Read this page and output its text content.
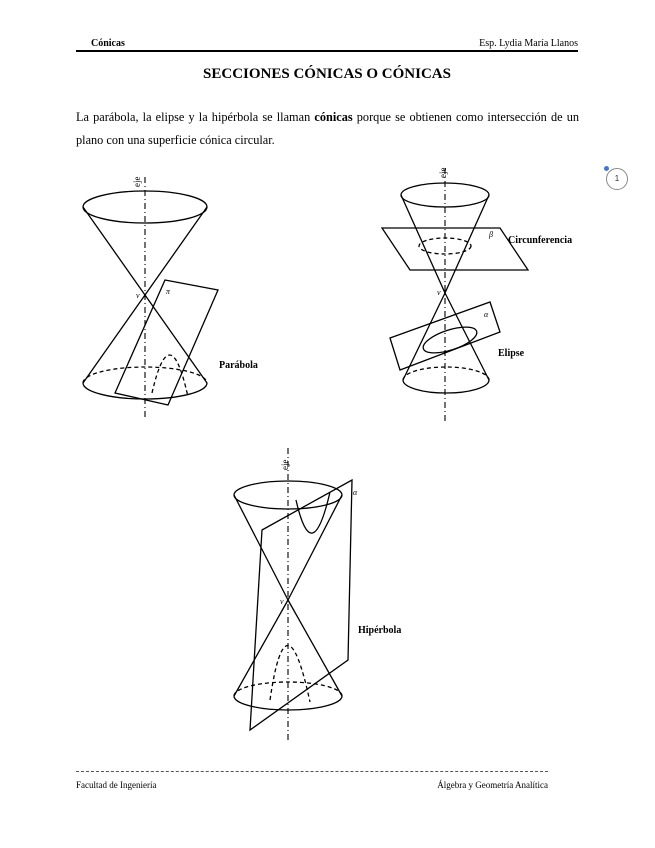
Cónicas	Esp. Lydia María Llanos
1
SECCIONES CÓNICAS O CÓNICAS
La parábola, la elipse y la hipérbola se llaman cónicas porque se obtienen como intersección de un plano con una superficie cónica circular.
eje
v	π
Parábola
eje
v
β
α
Circunferencia
Elipse
eje
v
α
Hipérbola
Facultad de Ingeniería	Álgebra y Geometría Analítica
